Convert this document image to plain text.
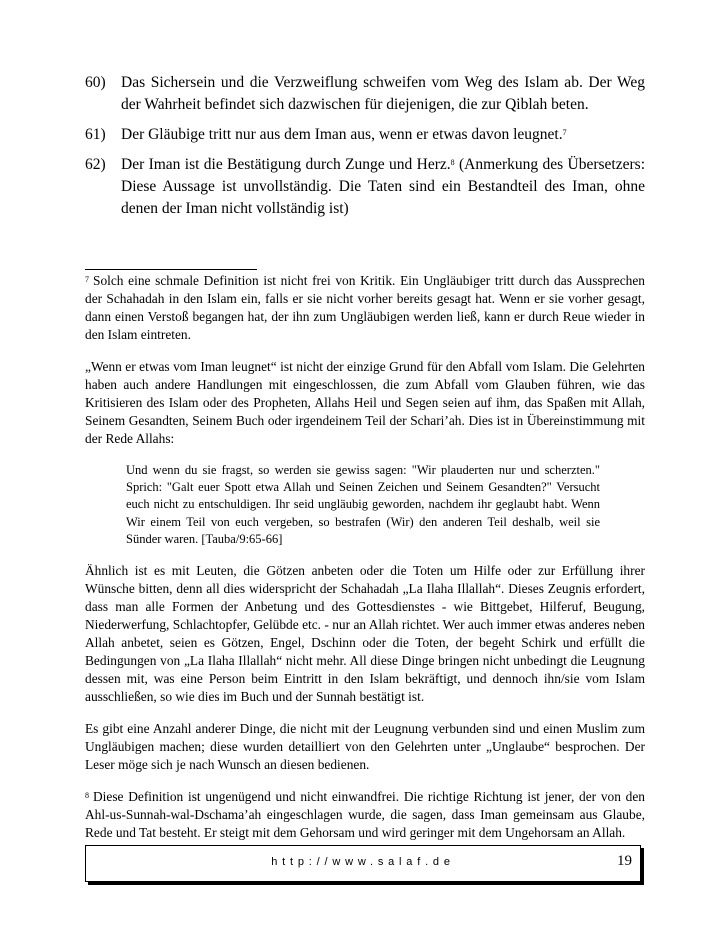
60) Das Sichersein und die Verzweiflung schweifen vom Weg des Islam ab. Der Weg der Wahrheit befindet sich dazwischen für diejenigen, die zur Qiblah beten.
61) Der Gläubige tritt nur aus dem Iman aus, wenn er etwas davon leugnet.$^7$
62) Der Iman ist die Bestätigung durch Zunge und Herz.$^8$ (Anmerkung des Übersetzers: Diese Aussage ist unvollständig. Die Taten sind ein Bestandteil des Iman, ohne denen der Iman nicht vollständig ist)

$^7$ Solch eine schmale Definition ist nicht frei von Kritik. Ein Ungläubiger tritt durch das Aussprechen der Schahadah in den Islam ein, falls er sie nicht vorher bereits gesagt hat. Wenn er sie vorher gesagt, dann einen Verstoß begangen hat, der ihn zum Ungläubigen werden ließ, kann er durch Reue wieder in den Islam eintreten.

„Wenn er etwas vom Iman leugnet“ ist nicht der einzige Grund für den Abfall vom Islam. Die Gelehrten haben auch andere Handlungen mit eingeschlossen, die zum Abfall vom Glauben führen, wie das Kritisieren des Islam oder des Propheten, Allahs Heil und Segen seien auf ihm, das Spaßen mit Allah, Seinem Gesandten, Seinem Buch oder irgendeinem Teil der Schari’ah. Dies ist in Übereinstimmung mit der Rede Allahs:

Und wenn du sie fragst, so werden sie gewiss sagen: "Wir plauderten nur und scherzten." Sprich: "Galt euer Spott etwa Allah und Seinen Zeichen und Seinem Gesandten?" Versucht euch nicht zu entschuldigen. Ihr seid ungläubig geworden, nachdem ihr geglaubt habt. Wenn Wir einem Teil von euch vergeben, so bestrafen (Wir) den anderen Teil deshalb, weil sie Sünder waren. [Tauba/9:65-66]

Ähnlich ist es mit Leuten, die Götzen anbeten oder die Toten um Hilfe oder zur Erfüllung ihrer Wünsche bitten, denn all dies widerspricht der Schahadah „La Ilaha Illallah“. Dieses Zeugnis erfordert, dass man alle Formen der Anbetung und des Gottesdienstes - wie Bittgebet, Hilferuf, Beugung, Niederwerfung, Schlachtopfer, Gelübde etc. - nur an Allah richtet. Wer auch immer etwas anderes neben Allah anbetet, seien es Götzen, Engel, Dschinn oder die Toten, der begeht Schirk und erfüllt die Bedingungen von „La Ilaha Illallah“ nicht mehr. All diese Dinge bringen nicht unbedingt die Leugnung dessen mit, was eine Person beim Eintritt in den Islam bekräftigt, und dennoch ihn/sie vom Islam ausschließen, so wie dies im Buch und der Sunnah bestätigt ist.

Es gibt eine Anzahl anderer Dinge, die nicht mit der Leugnung verbunden sind und einen Muslim zum Ungläubigen machen; diese wurden detailliert von den Gelehrten unter „Unglaube“ besprochen. Der Leser möge sich je nach Wunsch an diesen bedienen.

$^8$ Diese Definition ist ungenügend und nicht einwandfrei. Die richtige Richtung ist jener, der von den Ahl-us-Sunnah-wal-Dschama’ah eingeschlagen wurde, die sagen, dass Iman gemeinsam aus Glaube, Rede und Tat besteht. Er steigt mit dem Gehorsam und wird geringer mit dem Ungehorsam an Allah.

http://www.salaf.de	19
